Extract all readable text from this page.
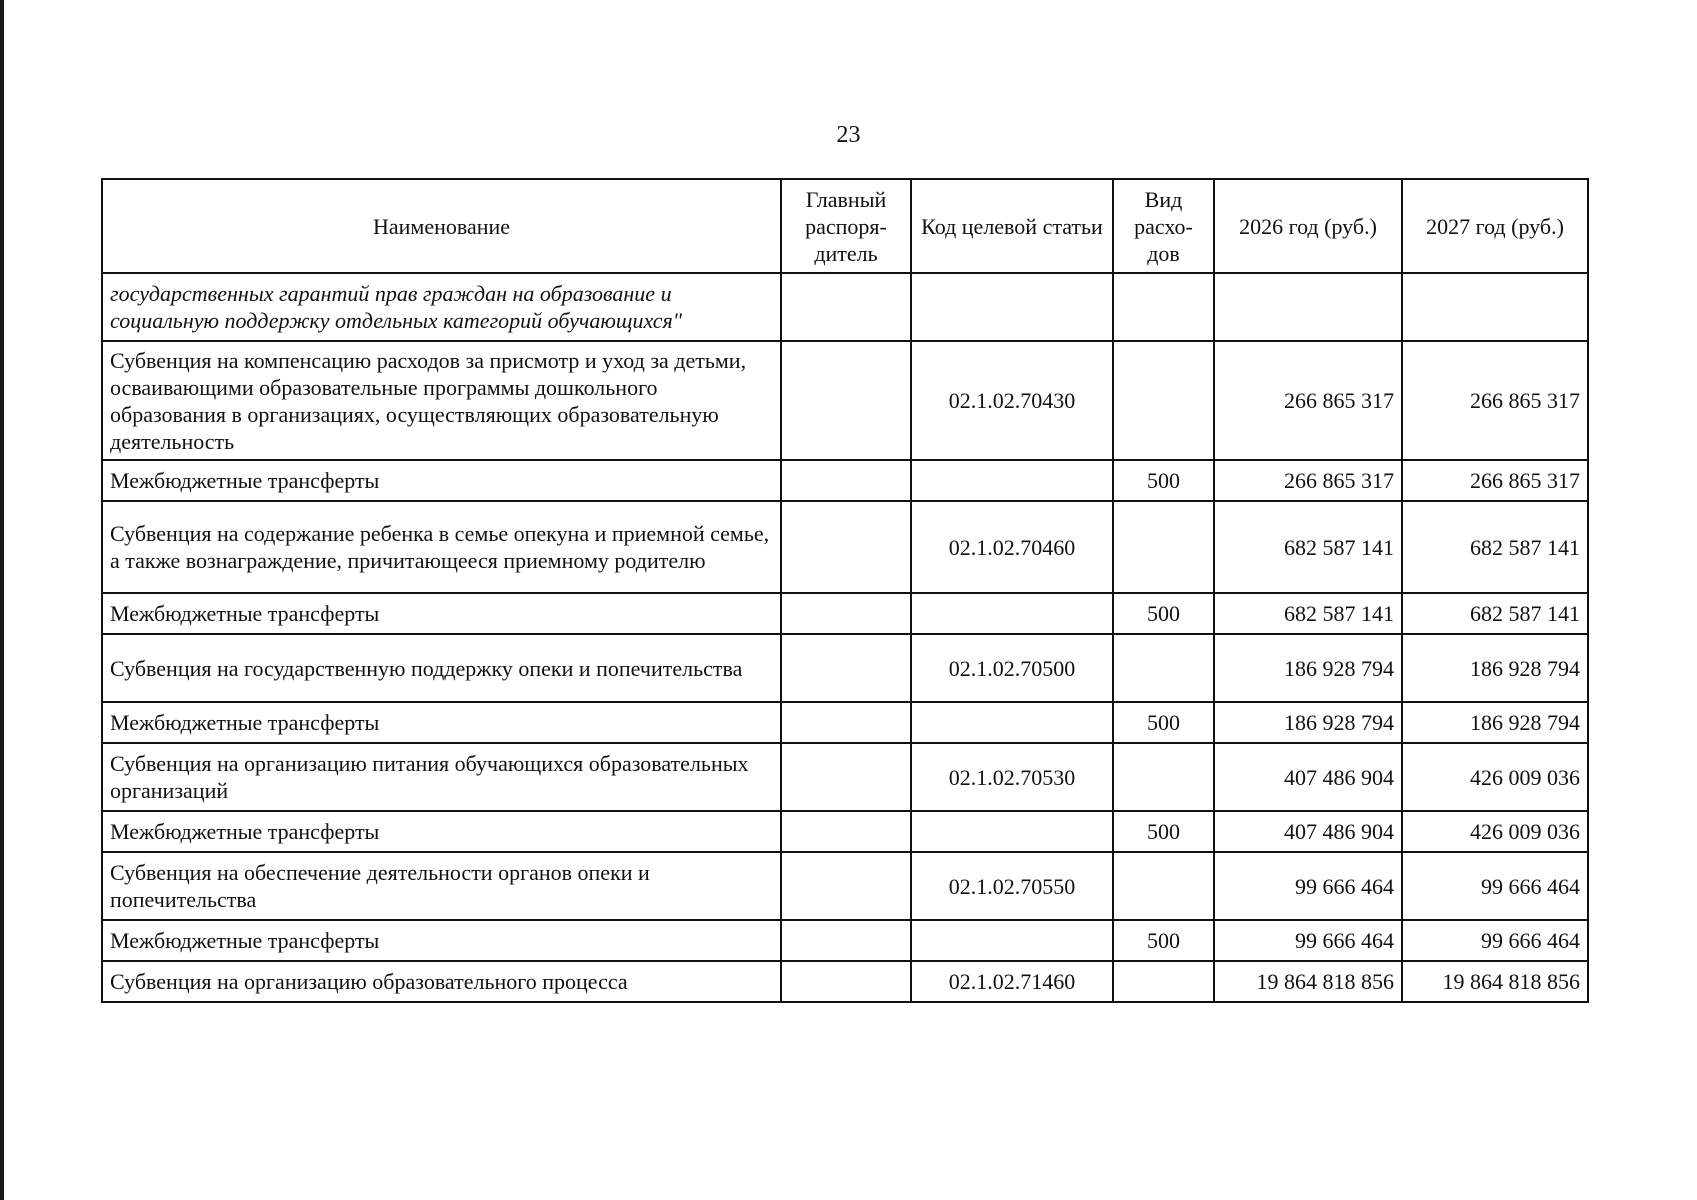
23
Наименование	Главный распоря-дитель	Код целевой статьи	Вид расхо-дов	2026 год (руб.)	2027 год (руб.)
государственных гарантий прав граждан на образование и социальную поддержку отдельных категорий обучающихся"					
Субвенция на компенсацию расходов за присмотр и уход за детьми, осваивающими образовательные программы дошкольного образования в организациях, осуществляющих образовательную деятельность		02.1.02.70430		266 865 317	266 865 317
Межбюджетные трансферты			500	266 865 317	266 865 317
Субвенция на содержание ребенка в семье опекуна и приемной семье, а также вознаграждение, причитающееся приемному родителю		02.1.02.70460		682 587 141	682 587 141
Межбюджетные трансферты			500	682 587 141	682 587 141
Субвенция на государственную поддержку опеки и попечительства		02.1.02.70500		186 928 794	186 928 794
Межбюджетные трансферты			500	186 928 794	186 928 794
Субвенция на организацию питания обучающихся образовательных организаций		02.1.02.70530		407 486 904	426 009 036
Межбюджетные трансферты			500	407 486 904	426 009 036
Субвенция на обеспечение деятельности органов опеки и попечительства		02.1.02.70550		99 666 464	99 666 464
Межбюджетные трансферты			500	99 666 464	99 666 464
Субвенция на организацию образовательного процесса		02.1.02.71460		19 864 818 856	19 864 818 856
